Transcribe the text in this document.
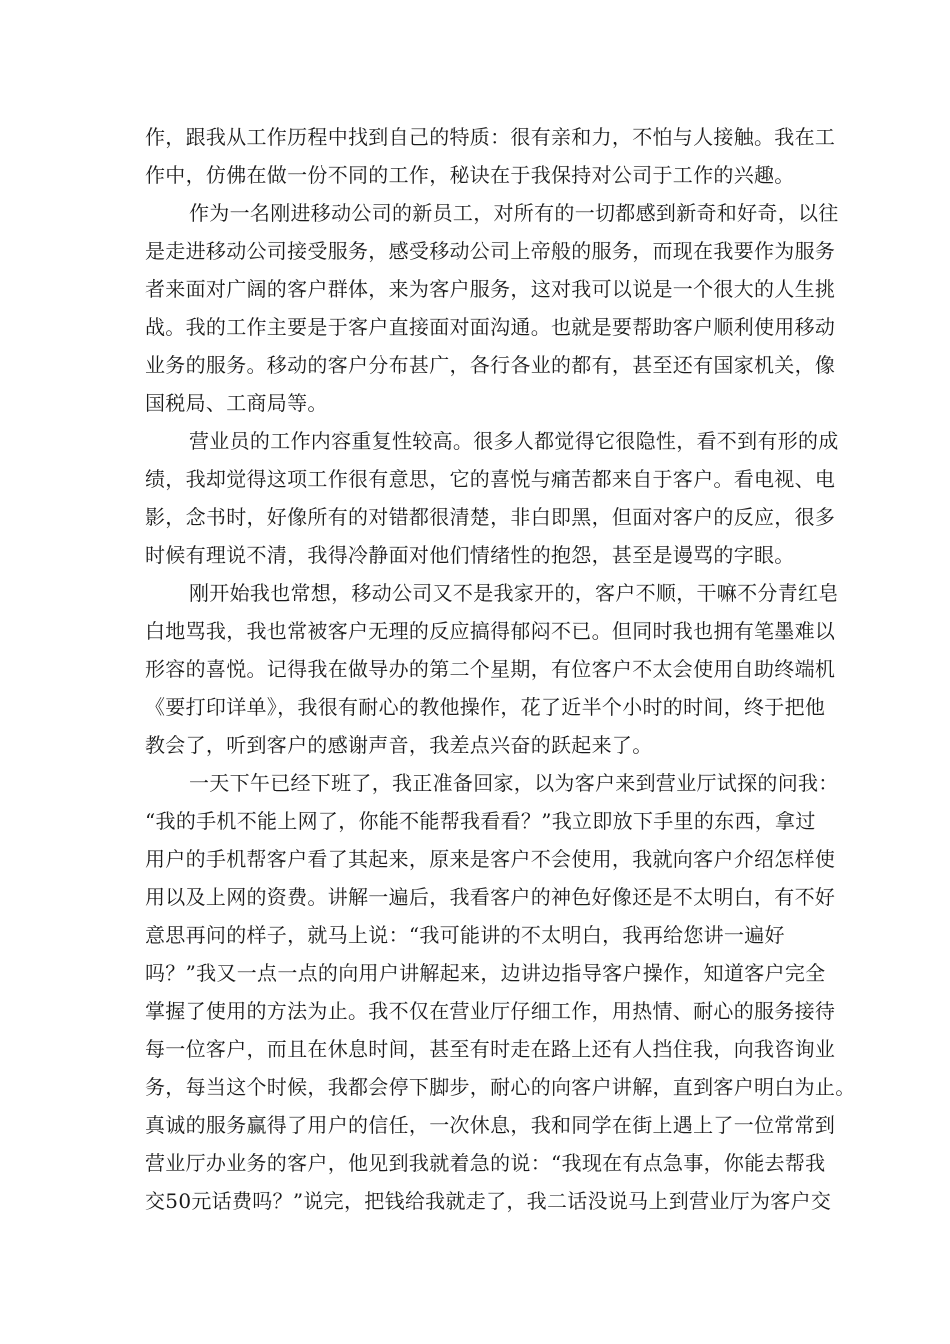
作，跟我从工作历程中找到自己的特质：很有亲和力，不怕与人接触。我在工
作中，仿佛在做一份不同的工作，秘诀在于我保持对公司于工作的兴趣。
作为一名刚进移动公司的新员工，对所有的一切都感到新奇和好奇，以往
是走进移动公司接受服务，感受移动公司上帝般的服务，而现在我要作为服务
者来面对广阔的客户群体，来为客户服务，这对我可以说是一个很大的人生挑
战。我的工作主要是于客户直接面对面沟通。也就是要帮助客户顺利使用移动
业务的服务。移动的客户分布甚广，各行各业的都有，甚至还有国家机关，像
国税局、工商局等。
营业员的工作内容重复性较高。很多人都觉得它很隐性，看不到有形的成
绩，我却觉得这项工作很有意思，它的喜悦与痛苦都来自于客户。看电视、电
影，念书时，好像所有的对错都很清楚，非白即黑，但面对客户的反应，很多
时候有理说不清，我得冷静面对他们情绪性的抱怨，甚至是谩骂的字眼。
刚开始我也常想，移动公司又不是我家开的，客户不顺，干嘛不分青红皂
白地骂我，我也常被客户无理的反应搞得郁闷不已。但同时我也拥有笔墨难以
形容的喜悦。记得我在做导办的第二个星期，有位客户不太会使用自助终端机
《要打印详单》，我很有耐心的教他操作，花了近半个小时的时间，终于把他
教会了，听到客户的感谢声音，我差点兴奋的跃起来了。
一天下午已经下班了，我正准备回家，以为客户来到营业厅试探的问我：
“我的手机不能上网了，你能不能帮我看看？”我立即放下手里的东西，拿过
用户的手机帮客户看了其起来，原来是客户不会使用，我就向客户介绍怎样使
用以及上网的资费。讲解一遍后，我看客户的神色好像还是不太明白，有不好
意思再问的样子，就马上说：“我可能讲的不太明白，我再给您讲一遍好
吗？”我又一点一点的向用户讲解起来，边讲边指导客户操作，知道客户完全
掌握了使用的方法为止。我不仅在营业厅仔细工作，用热情、耐心的服务接待
每一位客户，而且在休息时间，甚至有时走在路上还有人挡住我，向我咨询业
务，每当这个时候，我都会停下脚步，耐心的向客户讲解，直到客户明白为止。
真诚的服务赢得了用户的信任，一次休息，我和同学在街上遇上了一位常常到
营业厅办业务的客户，他见到我就着急的说：“我现在有点急事，你能去帮我
交50元话费吗？”说完，把钱给我就走了，我二话没说马上到营业厅为客户交
